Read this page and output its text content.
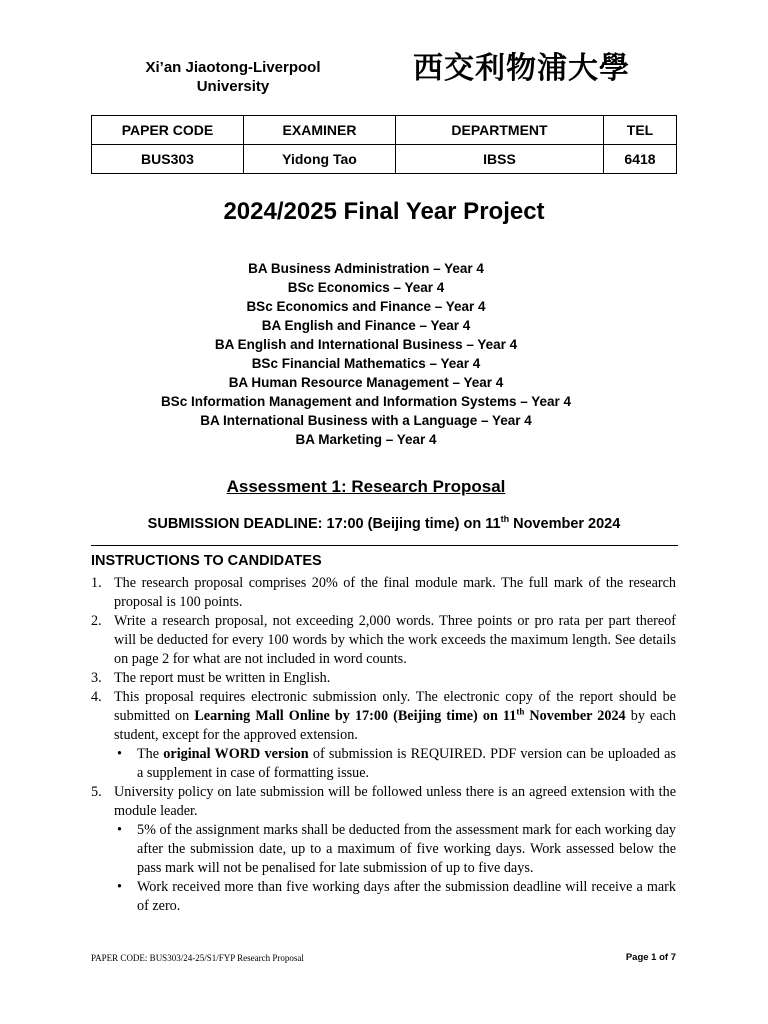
Xi’an Jiaotong-Liverpool
University
西交利物浦大學
PAPER CODE	EXAMINER	DEPARTMENT	TEL
BUS303	Yidong Tao	IBSS	6418
2024/2025 Final Year Project
BA Business Administration – Year 4
BSc Economics – Year 4
BSc Economics and Finance – Year 4
BA English and Finance – Year 4
BA English and International Business – Year 4
BSc Financial Mathematics – Year 4
BA Human Resource Management – Year 4
BSc Information Management and Information Systems – Year 4
BA International Business with a Language – Year 4
BA Marketing – Year 4
Assessment 1: Research Proposal
SUBMISSION DEADLINE: 17:00 (Beijing time) on 11th November 2024
INSTRUCTIONS TO CANDIDATES
1. The research proposal comprises 20% of the final module mark. The full mark of the research proposal is 100 points.
2. Write a research proposal, not exceeding 2,000 words. Three points or pro rata per part thereof will be deducted for every 100 words by which the work exceeds the maximum length. See details on page 2 for what are not included in word counts.
3. The report must be written in English.
4. This proposal requires electronic submission only. The electronic copy of the report should be submitted on Learning Mall Online by 17:00 (Beijing time) on 11th November 2024 by each student, except for the approved extension.
• The original WORD version of submission is REQUIRED. PDF version can be uploaded as a supplement in case of formatting issue.
5. University policy on late submission will be followed unless there is an agreed extension with the module leader.
• 5% of the assignment marks shall be deducted from the assessment mark for each working day after the submission date, up to a maximum of five working days. Work assessed below the pass mark will not be penalised for late submission of up to five days.
• Work received more than five working days after the submission deadline will receive a mark of zero.
PAPER CODE: BUS303/24-25/S1/FYP Research Proposal	Page 1 of 7
